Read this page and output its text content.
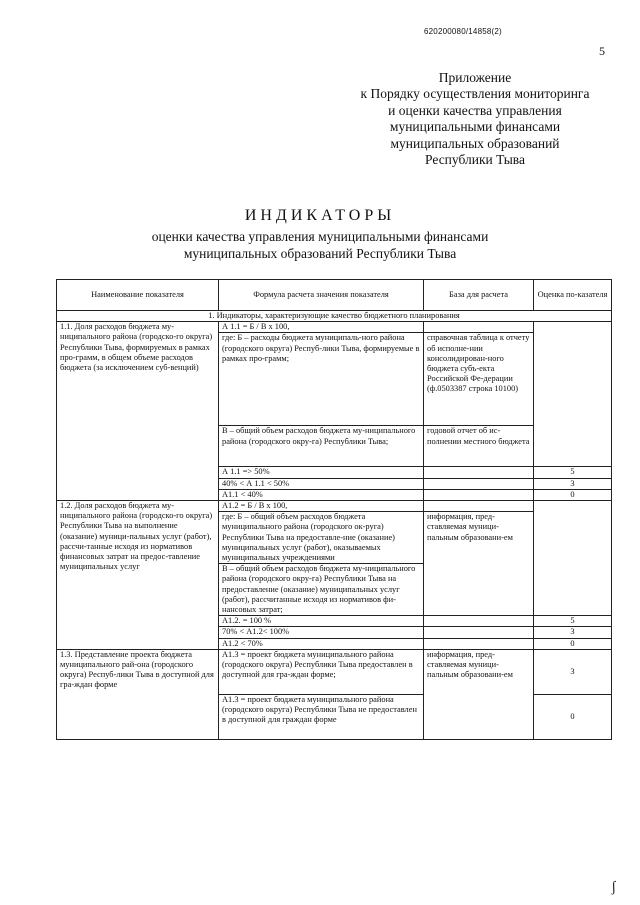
620200080/14858(2)
5
Приложение
к Порядку осуществления мониторинга
и оценки качества управления
муниципальными финансами
муниципальных образований
Республики Тыва
ИНДИКАТОРЫ
оценки качества управления муниципальными финансами
муниципальных образований Республики Тыва
Наименование показателя	Формула расчета значения показателя	База для расчета	Оценка по-казателя
1. Индикаторы, характеризующие качество бюджетного планирования			
1.1. Доля расходов бюджета му-ниципального района (городско-го округа) Республики Тыва, формируемых в рамках про-грамм, в общем объеме расходов бюджета (за исключением суб-венций)	А 1.1 = Б / В х 100,		
	где: Б – расходы бюджета муниципаль-ного района (городского округа) Респуб-лики Тыва, формируемые в рамках про-грамм;	справочная таблица к отчету об исполне-нии консолидирован-ного бюджета субъ-екта Российской Фе-дерации (ф.0503387 строка 10100)	
	В – общий объем расходов бюджета му-ниципального района (городского окру-га) Республики Тыва;	годовой отчет об ис-полнении местного бюджета	
	А 1.1 => 50%		5
	40% < А 1.1 < 50%		3
	А1.1 < 40%		0
1.2. Доля расходов бюджета му-ниципального района (городско-го округа) Республики Тыва на выполнение (оказание) муници-пальных услуг (работ), рассчи-танные исходя из нормативов финансовых затрат на предос-тавление муниципальных услуг	А1.2 = Б / В х 100,		
	где: Б – общий объем расходов бюджета муниципального района (городского ок-руга) Республики Тыва на предоставле-ние (оказание) муниципальных услуг (работ), оказываемых муниципальных учреждениями	информация, пред-ставляемая муници-пальным образовани-ем	
	В – общий объем расходов бюджета му-ниципального района (городского окру-га) Республики Тыва на предоставление (оказание) муниципальных услуг (работ), рассчитанные исходя из нормативов фи-нансовых затрат;		
	А1.2. = 100 %		5
	70% < А1.2< 100%		3
	А1.2 < 70%		0
1.3. Представление проекта бюджета муниципального рай-она (городского округа) Респуб-лики Тыва в доступной для гра-ждан форме	А1.3 = проект бюджета муниципального района (городского округа) Республики Тыва предоставлен в доступной для гра-ждан форме;	информация, пред-ставляемая муници-пальным образовани-ем	3
	А1.3 = проект бюджета муниципального района (городского округа) Республики Тыва не предоставлен в доступной для граждан форме		0
ʃ
